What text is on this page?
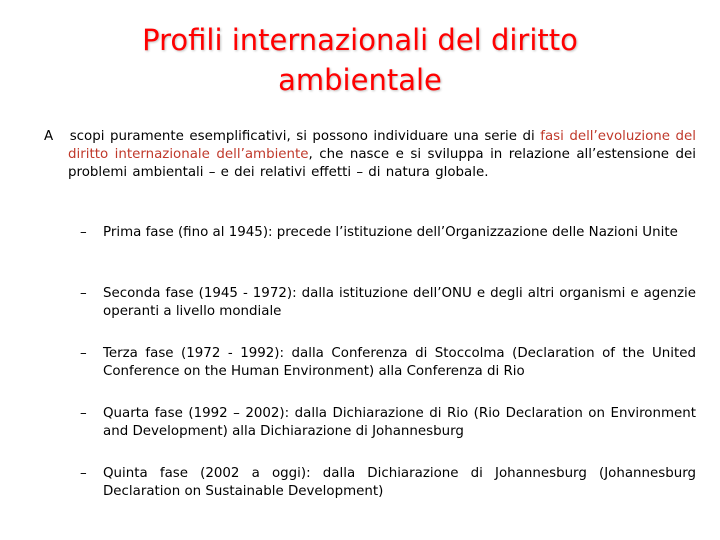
Profili internazionali del diritto ambientale
A scopi puramente esemplificativi, si possono individuare una serie di fasi dell’evoluzione del diritto internazionale dell’ambiente, che nasce e si sviluppa in relazione all’estensione dei problemi ambientali – e dei relativi effetti – di natura globale.
– Prima fase (fino al 1945): precede l’istituzione dell’Organizzazione delle Nazioni Unite
– Seconda fase (1945 - 1972): dalla istituzione dell’ONU e degli altri organismi e agenzie operanti a livello mondiale
– Terza fase (1972 - 1992): dalla Conferenza di Stoccolma (Declaration of the United Conference on the Human Environment) alla Conferenza di Rio
– Quarta fase (1992 – 2002): dalla Dichiarazione di Rio (Rio Declaration on Environment and Development) alla Dichiarazione di Johannesburg
– Quinta fase (2002 a oggi): dalla Dichiarazione di Johannesburg (Johannesburg Declaration on Sustainable Development)
